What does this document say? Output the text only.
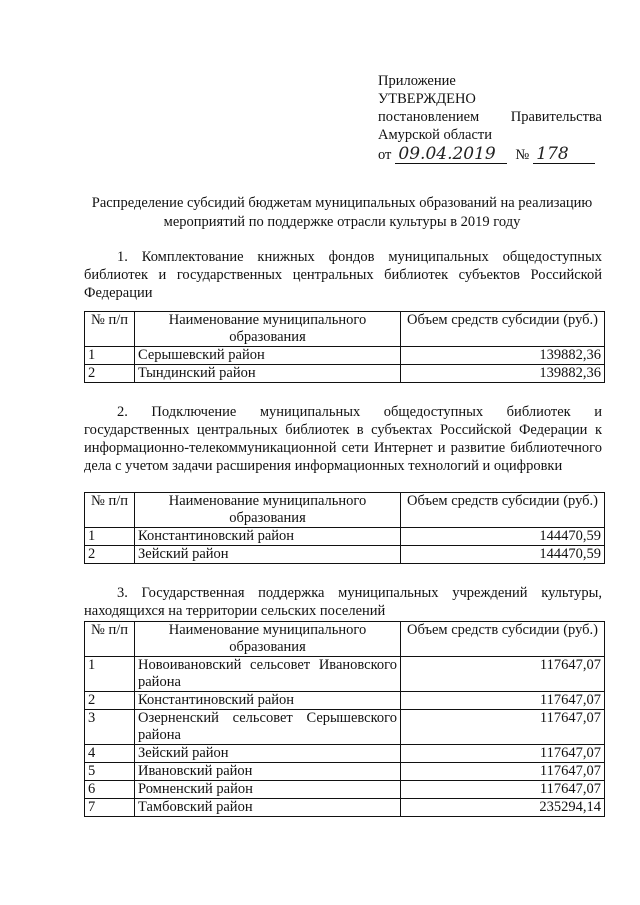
Приложение
УТВЕРЖДЕНО
постановлением Правительства
Амурской области
от 09.04.2019	№ 178
Распределение субсидий бюджетам муниципальных образований на реализацию мероприятий по поддержке отрасли культуры в 2019 году
1. Комплектование книжных фондов муниципальных общедоступных библиотек и государственных центральных библиотек субъектов Российской Федерации
№ п/п	Наименование муниципального образования	Объем средств субсидии (руб.)
1	Серышевский район	139882,36
2	Тындинский район	139882,36
2. Подключение муниципальных общедоступных библиотек и государственных центральных библиотек в субъектах Российской Федерации к информационно-телекоммуникационной сети Интернет и развитие библиотечного дела с учетом задачи расширения информационных технологий и оцифровки
№ п/п	Наименование муниципального образования	Объем средств субсидии (руб.)
1	Константиновский район	144470,59
2	Зейский район	144470,59
3. Государственная поддержка муниципальных учреждений культуры, находящихся на территории сельских поселений
№ п/п	Наименование муниципального образования	Объем средств субсидии (руб.)
1	Новоивановский сельсовет Ивановского района	117647,07
2	Константиновский район	117647,07
3	Озерненский сельсовет Серышевского района	117647,07
4	Зейский район	117647,07
5	Ивановский район	117647,07
6	Ромненский район	117647,07
7	Тамбовский район	235294,14
